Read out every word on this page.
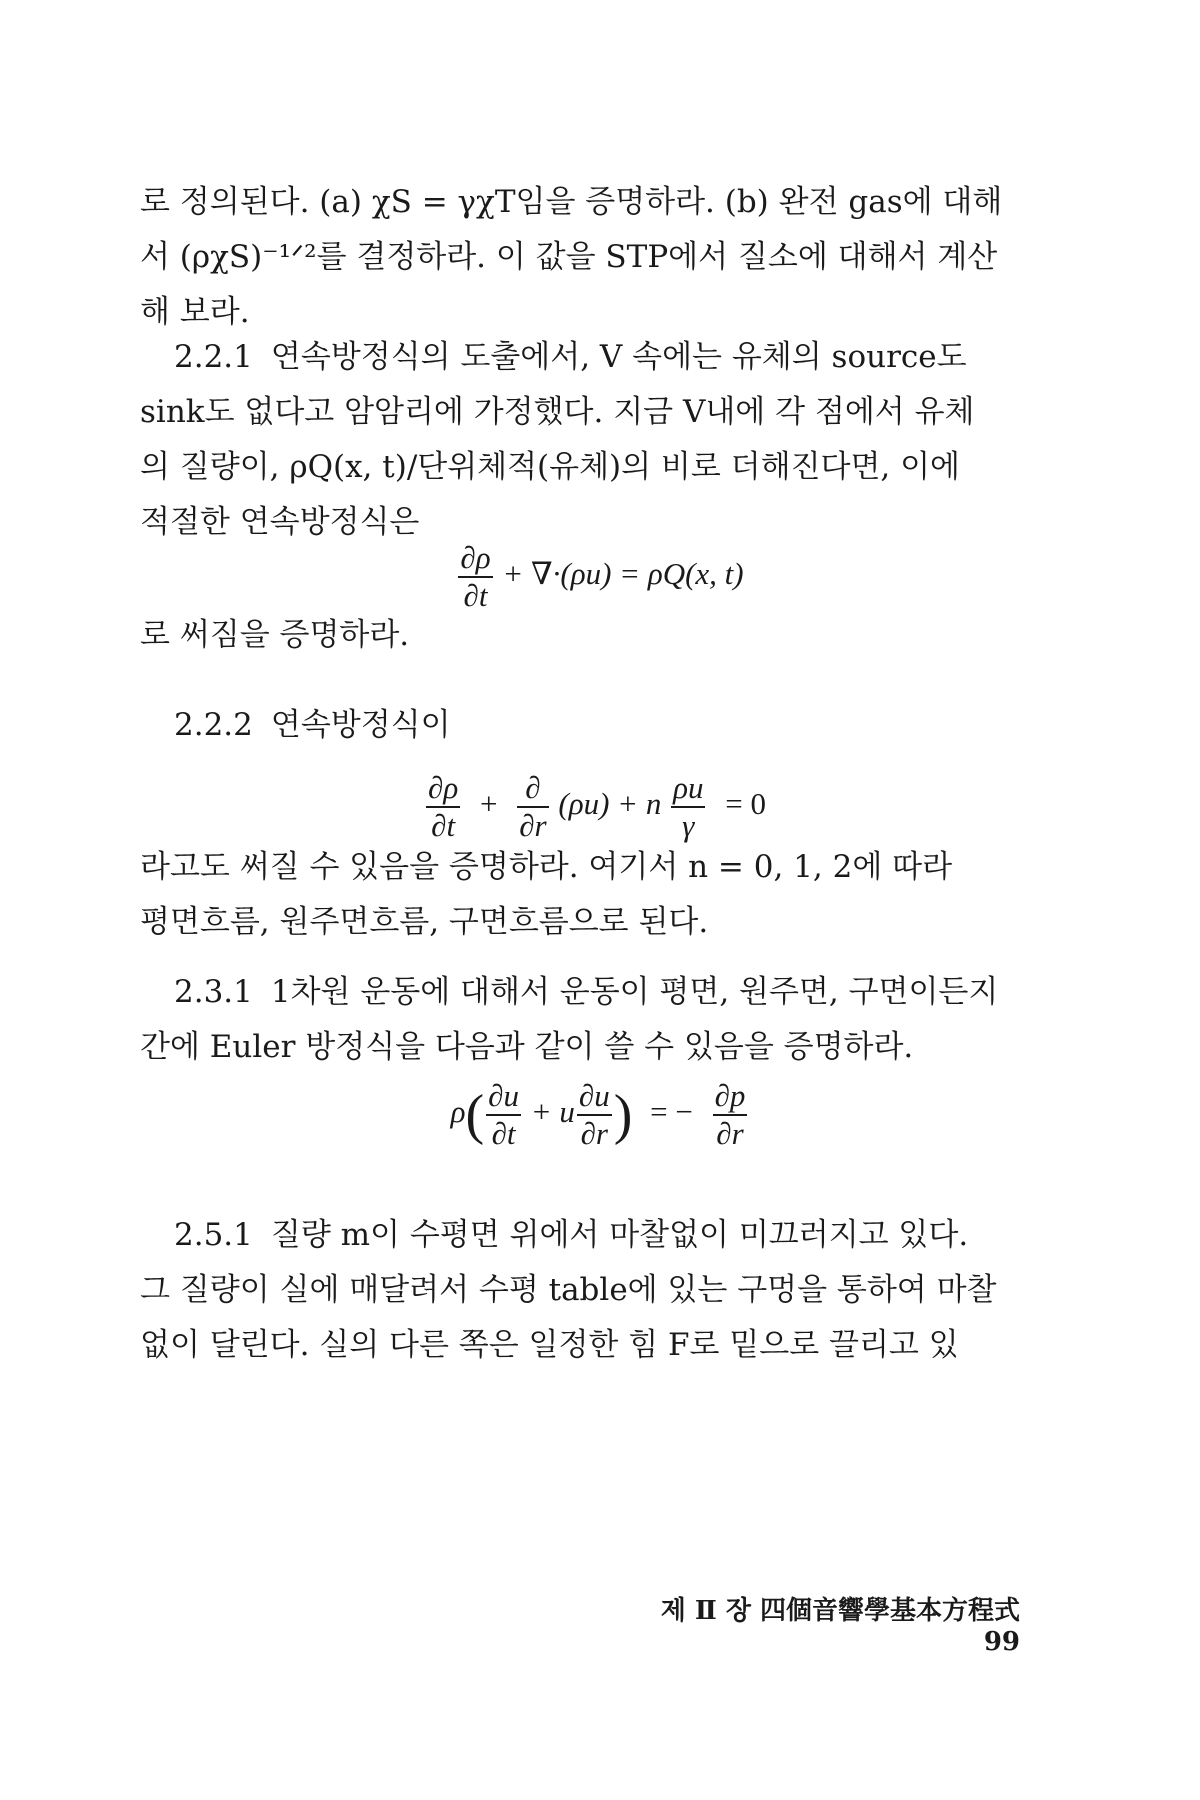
로 정의된다. (a) χS = γχT임을 증명하라. (b) 완전 gas에 대해
서 (ρχS)⁻¹ᐟ²를 결정하라. 이 값을 STP에서 질소에 대해서 계산
해 보라.

2.2.1 연속방정식의 도출에서, V 속에는 유체의 source도
sink도 없다고 암암리에 가정했다. 지금 V내에 각 점에서 유체
의 질량이, ρQ(x, t)/단위체적(유체)의 비로 더해진다면, 이에
적절한 연속방정식은

$\frac{\partial\rho}{\partial t} + \nabla\cdot(\rho u) = \rho Q(x$, t)

로 써짐을 증명하라.

2.2.2 연속방정식이

$\frac{\partial\rho}{\partial t} + \frac{\partial}{\partial r} (\rho u) + n \frac{\rho u}{\gamma} = 0$

라고도 써질 수 있음을 증명하라. 여기서 n = 0, 1, 2에 따라
평면흐름, 원주면흐름, 구면흐름으로 된다.

2.3.1 1차원 운동에 대해서 운동이 평면, 원주면, 구면이든지
간에 Euler 방정식을 다음과 같이 쓸 수 있음을 증명하라.

$\rho( \frac{\partial u}{\partial t} + u \frac{\partial u}{\partial r}$ ) = − $\frac{\partial p}{\partial r}$

2.5.1 질량 m이 수평면 위에서 마찰없이 미끄러지고 있다.
그 질량이 실에 매달려서 수평 table에 있는 구멍을 통하여 마찰
없이 달린다. 실의 다른 쪽은 일정한 힘 F로 밑으로 끌리고 있

제 Ⅱ 장 四個音響學基本方程式99
